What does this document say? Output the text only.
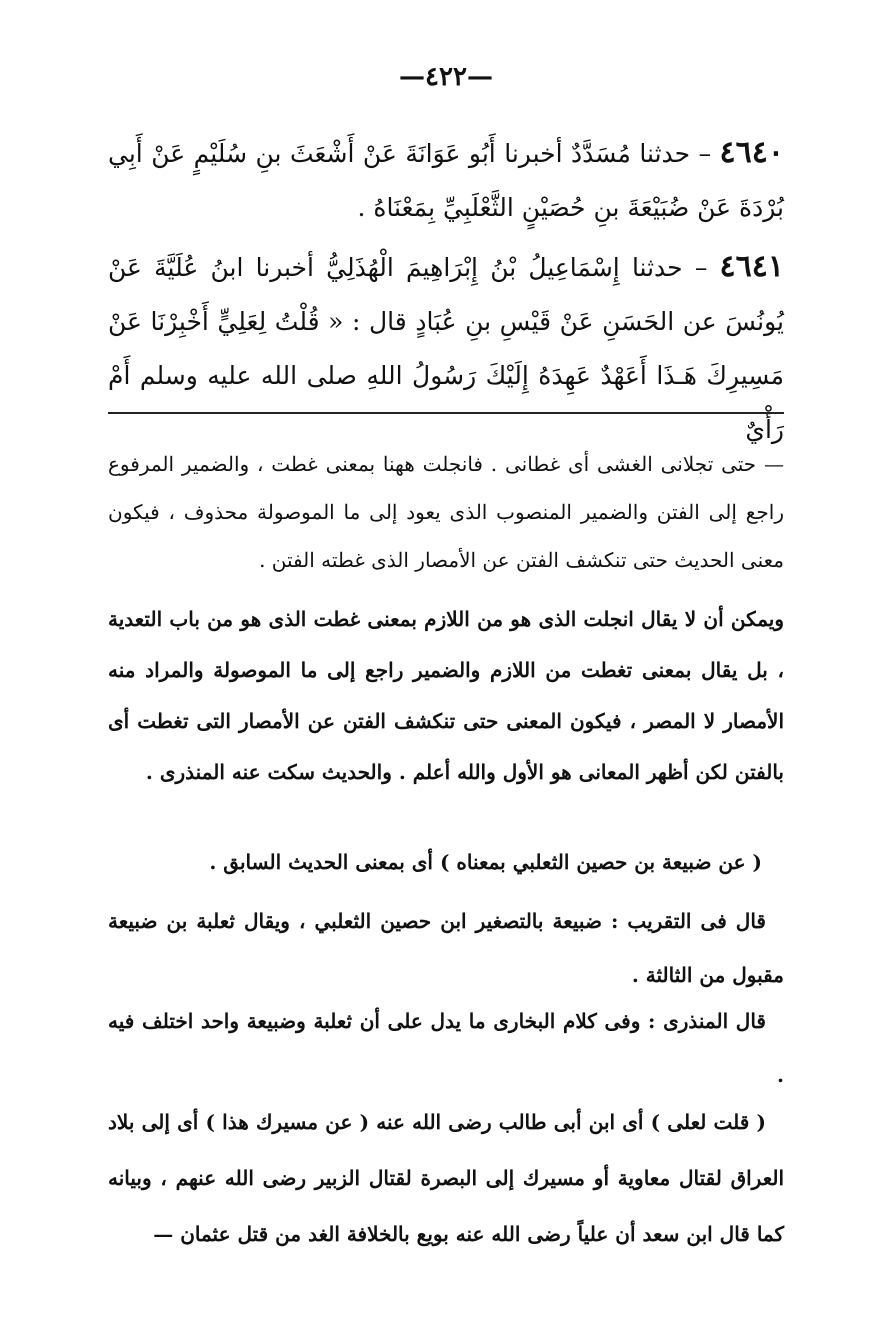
—٤٢٢—

٤٦٤٠ – حدثنا مُسَدَّدٌ أخبرنا أَبُو عَوَانَةَ عَنْ أَشْعَثَ بنِ سُلَيْمٍ عَنْ أَبِي بُرْدَةَ عَنْ ضُبَيْعَةَ بنِ حُصَيْنٍ الثَّعْلَبِيِّ بِمَعْنَاهُ .

٤٦٤١ – حدثنا إِسْمَاعِيلُ بْنُ إِبْرَاهِيمَ الْهُذَلِيُّ أخبرنا ابنُ عُلَيَّةَ عَنْ يُونُسَ عن الحَسَنِ عَنْ قَيْسِ بنِ عُبَادٍ قال : « قُلْتُ لِعَلِيٍّ أَخْبِرْنَا عَنْ مَسِيرِكَ هَـذَا أَعَهْدٌ عَهِدَهُ إِلَيْكَ رَسُولُ اللهِ صلى الله عليه وسلم أَمْ رَأْيٌ

— حتى تجلانى الغشى أى غطانى . فانجلت ههنا بمعنى غطت ، والضمير المرفوع راجع إلى الفتن والضمير المنصوب الذى يعود إلى ما الموصولة محذوف ، فيكون معنى الحديث حتى تنكشف الفتن عن الأمصار الذى غطته الفتن .

ويمكن أن لا يقال انجلت الذى هو من اللازم بمعنى غطت الذى هو من باب التعدية ، بل يقال بمعنى تغطت من اللازم والضمير راجع إلى ما الموصولة والمراد منه الأمصار لا المصر ، فيكون المعنى حتى تنكشف الفتن عن الأمصار التى تغطت أى بالفتن لكن أظهر المعانى هو الأول والله أعلم . والحديث سكت عنه المنذرى .

( عن ضبيعة بن حصين الثعلبي بمعناه ) أى بمعنى الحديث السابق .

قال فى التقريب : ضبيعة بالتصغير ابن حصين الثعلبي ، ويقال ثعلبة بن ضبيعة مقبول من الثالثة .

قال المنذرى : وفى كلام البخارى ما يدل على أن ثعلبة وضبيعة واحد اختلف فيه .

( قلت لعلى ) أى ابن أبى طالب رضى الله عنه ( عن مسيرك هذا ) أى إلى بلاد العراق لقتال معاوية أو مسيرك إلى البصرة لقتال الزبير رضى الله عنهم ، وبيانه كما قال ابن سعد أن علياً رضى الله عنه بويع بالخلافة الغد من قتل عثمان —
